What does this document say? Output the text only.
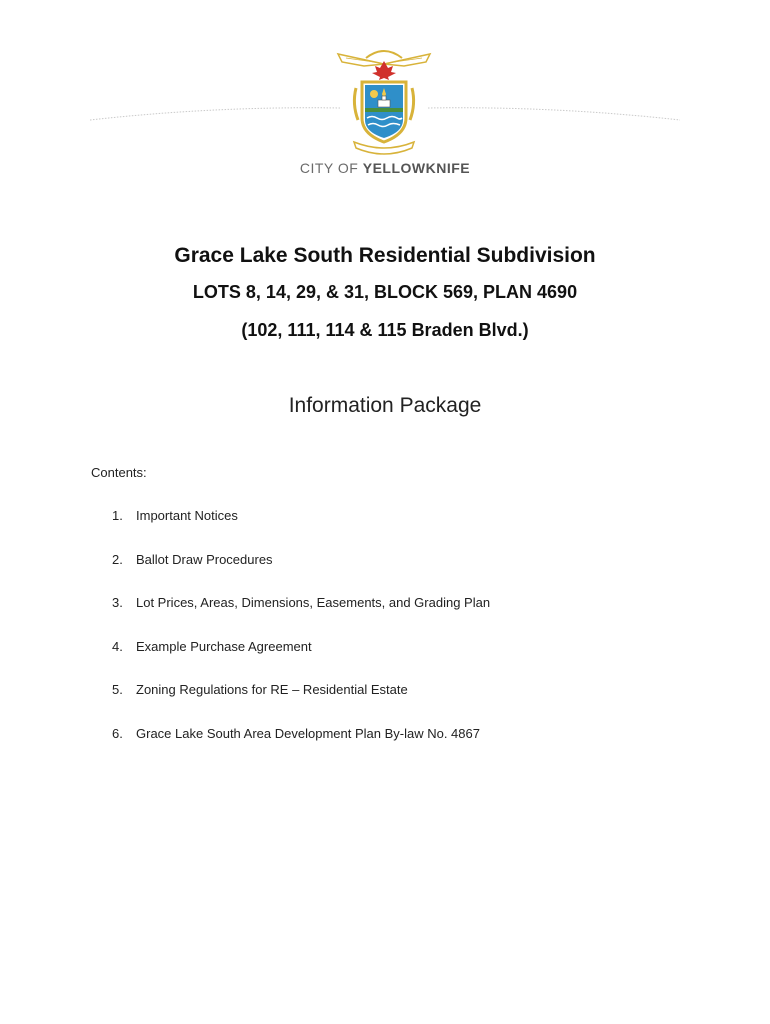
CITY OF YELLOWKNIFE
Grace Lake South Residential Subdivision
LOTS 8, 14, 29, & 31, BLOCK 569, PLAN 4690
(102, 111, 114 & 115 Braden Blvd.)
Information Package
Contents:
1. Important Notices
2. Ballot Draw Procedures
3. Lot Prices, Areas, Dimensions, Easements, and Grading Plan
4. Example Purchase Agreement
5. Zoning Regulations for RE – Residential Estate
6. Grace Lake South Area Development Plan By-law No. 4867
